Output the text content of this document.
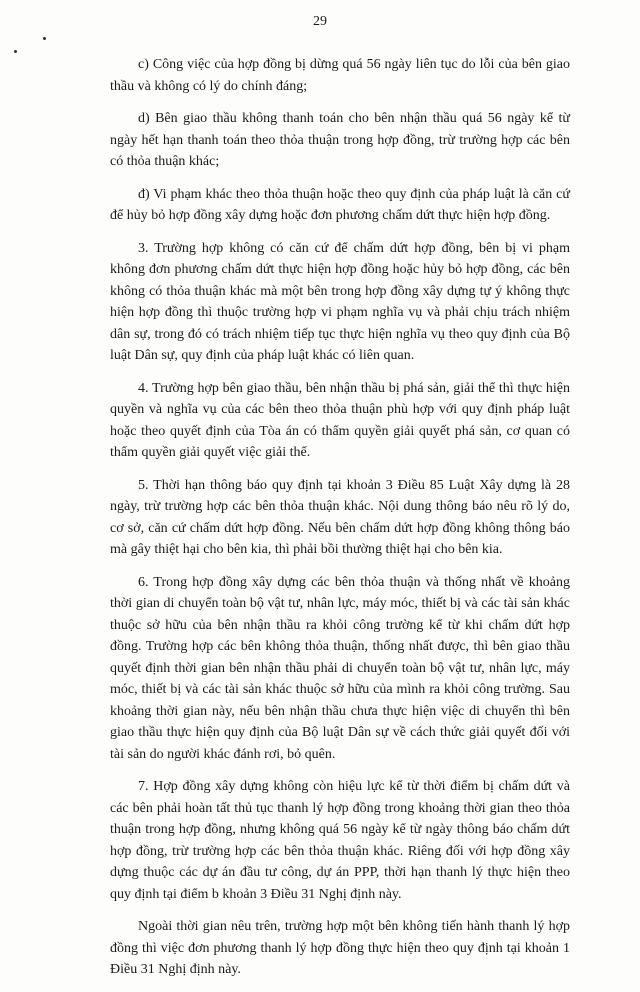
29

c) Công việc của hợp đồng bị dừng quá 56 ngày liên tục do lỗi của bên giao thầu và không có lý do chính đáng;

d) Bên giao thầu không thanh toán cho bên nhận thầu quá 56 ngày kể từ ngày hết hạn thanh toán theo thỏa thuận trong hợp đồng, trừ trường hợp các bên có thỏa thuận khác;

đ) Vi phạm khác theo thỏa thuận hoặc theo quy định của pháp luật là căn cứ để hủy bỏ hợp đồng xây dựng hoặc đơn phương chấm dứt thực hiện hợp đồng.

3. Trường hợp không có căn cứ để chấm dứt hợp đồng, bên bị vi phạm không đơn phương chấm dứt thực hiện hợp đồng hoặc hủy bỏ hợp đồng, các bên không có thỏa thuận khác mà một bên trong hợp đồng xây dựng tự ý không thực hiện hợp đồng thì thuộc trường hợp vi phạm nghĩa vụ và phải chịu trách nhiệm dân sự, trong đó có trách nhiệm tiếp tục thực hiện nghĩa vụ theo quy định của Bộ luật Dân sự, quy định của pháp luật khác có liên quan.

4. Trường hợp bên giao thầu, bên nhận thầu bị phá sản, giải thể thì thực hiện quyền và nghĩa vụ của các bên theo thỏa thuận phù hợp với quy định pháp luật hoặc theo quyết định của Tòa án có thẩm quyền giải quyết phá sản, cơ quan có thẩm quyền giải quyết việc giải thể.

5. Thời hạn thông báo quy định tại khoản 3 Điều 85 Luật Xây dựng là 28 ngày, trừ trường hợp các bên thỏa thuận khác. Nội dung thông báo nêu rõ lý do, cơ sở, căn cứ chấm dứt hợp đồng. Nếu bên chấm dứt hợp đồng không thông báo mà gây thiệt hại cho bên kia, thì phải bồi thường thiệt hại cho bên kia.

6. Trong hợp đồng xây dựng các bên thỏa thuận và thống nhất về khoảng thời gian di chuyển toàn bộ vật tư, nhân lực, máy móc, thiết bị và các tài sản khác thuộc sở hữu của bên nhận thầu ra khỏi công trường kể từ khi chấm dứt hợp đồng. Trường hợp các bên không thỏa thuận, thống nhất được, thì bên giao thầu quyết định thời gian bên nhận thầu phải di chuyển toàn bộ vật tư, nhân lực, máy móc, thiết bị và các tài sản khác thuộc sở hữu của mình ra khỏi công trường. Sau khoảng thời gian này, nếu bên nhận thầu chưa thực hiện việc di chuyển thì bên giao thầu thực hiện quy định của Bộ luật Dân sự về cách thức giải quyết đối với tài sản do người khác đánh rơi, bỏ quên.

7. Hợp đồng xây dựng không còn hiệu lực kể từ thời điểm bị chấm dứt và các bên phải hoàn tất thủ tục thanh lý hợp đồng trong khoảng thời gian theo thỏa thuận trong hợp đồng, nhưng không quá 56 ngày kể từ ngày thông báo chấm dứt hợp đồng, trừ trường hợp các bên thỏa thuận khác. Riêng đối với hợp đồng xây dựng thuộc các dự án đầu tư công, dự án PPP, thời hạn thanh lý thực hiện theo quy định tại điểm b khoản 3 Điều 31 Nghị định này.

Ngoài thời gian nêu trên, trường hợp một bên không tiến hành thanh lý hợp đồng thì việc đơn phương thanh lý hợp đồng thực hiện theo quy định tại khoản 1 Điều 31 Nghị định này.
